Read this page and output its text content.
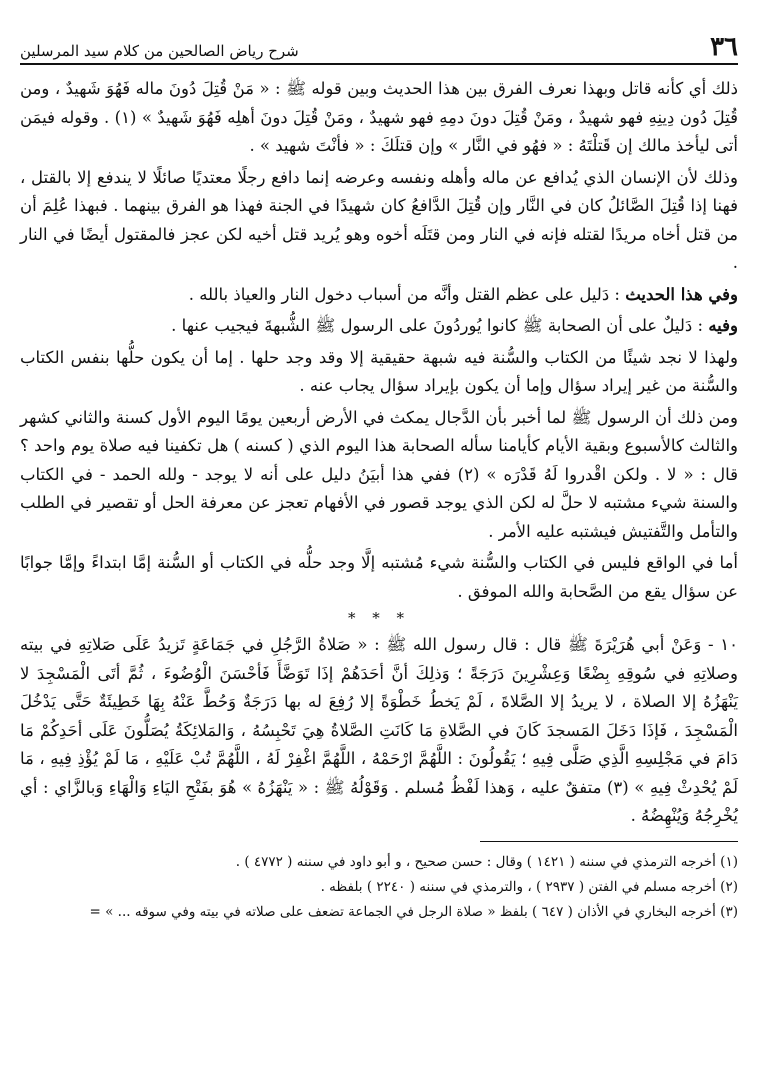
٣٦
شرح رياض الصالحين من كلام سيد المرسلين

ذلك أي كأنه قاتل وبهذا نعرف الفرق بين هذا الحديث وبين قوله ﷺ : « مَنْ قُتِلَ دُونَ ماله فَهُوَ شَهيدٌ ، ومن قُتِلَ دُون دِينِهِ فهو شهيدٌ ، ومَنْ قُتِلَ دونَ دمِهِ فهو شهيدٌ ، ومَنْ قُتِلَ دونَ أهلِه فَهُوَ شَهيدٌ » (١) . وقوله فيمَن أتى ليأخذ مالك إن قَتلْتَهُ : « فهُو في النَّار » وإن قتلَكَ : « فأنْتَ شهيد » .

وذلك لأن الإنسان الذي يُدافع عن ماله وأهله ونفسه وعرضه إنما دافع رجلًا معتديًا صائلًا لا يندفع إلا بالقتل ، فهنا إذا قُتِلَ الصَّائلُ كان في النَّار وإن قُتِلَ الدَّافعُ كان شهيدًا في الجنة فهذا هو الفرق بينهما . فبهذا عُلِمَ أن من قتل أخاه مريدًا لقتله فإنه في النار ومن قتَلَه أخوه وهو يُريد قتل أخيه لكن عجز فالمقتول أيضًا في النار .

وفي هذا الحديث : دَليل على عظم القتل وأنَّه من أسباب دخول النار والعياذ بالله .

وفيه : دَليلٌ على أن الصحابة ﷺ كانوا يُوردُونَ على الرسول ﷺ الشُّبهةَ فيجيب عنها .

ولهذا لا نجد شيئًا من الكتاب والسُّنة فيه شبهة حقيقية إلا وقد وجد حلها . إما أن يكون حلُّها بنفس الكتاب والسُّنة من غير إيراد سؤال وإما أن يكون بإيراد سؤال يجاب عنه .

ومن ذلك أن الرسول ﷺ لما أخبر بأن الدَّجال يمكث في الأرض أربعين يومًا اليوم الأول كسنة والثاني كشهر والثالث كالأسبوع وبقية الأيام كأيامنا سأله الصحابة هذا اليوم الذي ( كسنه ) هل تكفينا فيه صلاة يوم واحد ؟ قال : « لا . ولكن اقْدروا لَهُ قَدْرَه » (٢) ففي هذا أبيَنُ دليل على أنه لا يوجد - ولله الحمد - في الكتاب والسنة شيء مشتبه لا حلَّ له لكن الذي يوجد قصور في الأفهام تعجز عن معرفة الحل أو تقصير في الطلب والتأمل والتَّفتيش فيشتبه عليه الأمر .

أما في الواقع فليس في الكتاب والسُّنة شيء مُشتبه إلَّا وجد حلُّه في الكتاب أو السُّنة إمَّا ابتداءً وإمَّا جوابًا عن سؤال يقع من الصَّحابة والله الموفق .

* * *

١٠ - وَعَنْ أبي هُرَيْرَةَ ﷺ قال : قال رسول الله ﷺ : « صَلاةُ الرَّجُلِ في جَمَاعَةٍ تَزيدُ عَلَى صَلاتِهِ في بيته وصلاتِهِ في سُوقِهِ بِضْعًا وَعِشْرِينَ دَرَجَةً ؛ وَذلِكَ أنَّ أحَدَهُمْ إذَا تَوَضَّأَ فَأحْسَنَ الْوُضُوءَ ، ثُمَّ أتَى الْمَسْجِدَ لا يَنْهَزُهُ إلا الصلاة ، لا يريدُ إلا الصَّلاةَ ، لَمْ يَخطُ خَطْوَةً إلا رُفِعَ له بها دَرَجَةٌ وَحُطَّ عَنْهُ بِهَا خَطِيئَةٌ حَتَّى يَدْخُلَ الْمَسْجِدَ ، فَإذَا دَخَلَ المَسجدَ كَانَ في الصَّلاةِ مَا كَانَتِ الصَّلاةُ هِيَ تَحْبِسُهُ ، وَالمَلائِكَةُ يُصَلُّونَ عَلَى أحَدِكُمْ مَا دَامَ في مَجْلِسِهِ الَّذِي صَلَّى فِيهِ ؛ يَقُولُونَ : اللَّهُمَّ ارْحَمْهُ ، اللَّهُمَّ اغْفِرْ لَهُ ، اللَّهُمَّ تُبْ عَلَيْهِ ، مَا لَمْ يُؤْذِ فِيهِ ، مَا لَمْ يُحْدِثْ فِيهِ » (٣) متفقٌ عليه ، وَهذا لَفْظُ مُسلم . وَقَوْلُهُ ﷺ : « يَنْهَزُهُ » هُوَ بفَتْحِ اليَاءِ وَالْهَاءِ وَبالزَّاي : أي يُخْرِجُهُ وَيُنْهِضُهُ .

(١) أخرجه الترمذي في سننه ( ١٤٢١ ) وقال : حسن صحيح ، و أبو داود في سننه ( ٤٧٧٢ ) .

(٢) أخرجه مسلم في الفتن ( ٢٩٣٧ ) ، والترمذي في سننه ( ٢٢٤٠ ) بلفظه .

(٣) أخرجه البخاري في الأذان ( ٦٤٧ ) بلفظ « صلاة الرجل في الجماعة تضعف على صلاته في بيته وفي سوقه ... » =
